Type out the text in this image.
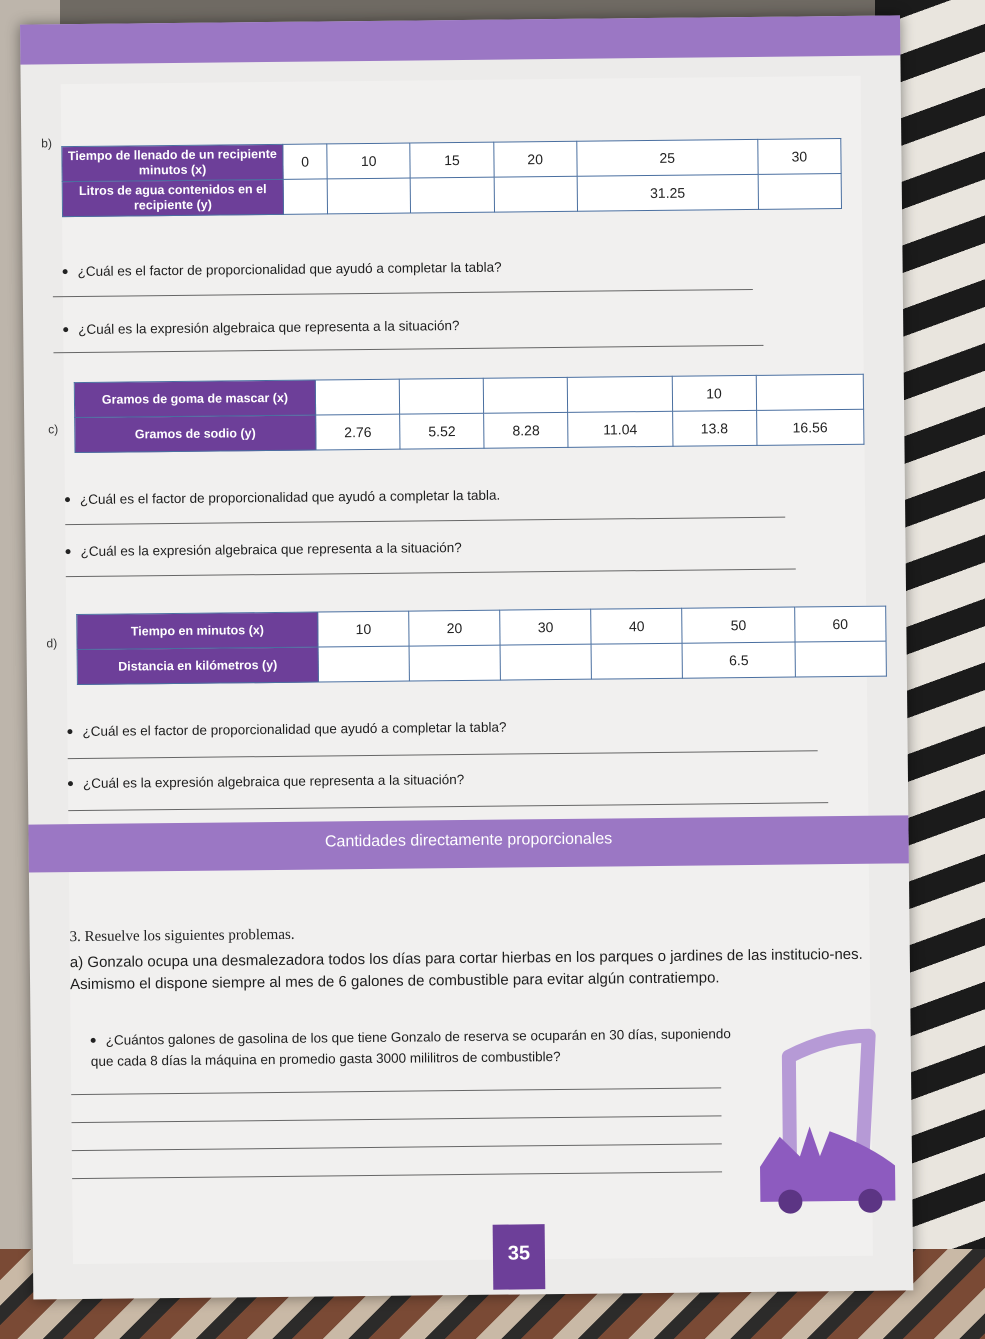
b)
Tiempo de llenado de un recipiente minutos (x)	0	10	15	20	25	30
Litros de agua contenidos en el recipiente (y)					31.25	
¿Cuál es el factor de proporcionalidad que ayudó a completar la tabla?
¿Cuál es la expresión algebraica que representa a la situación?
c)
Gramos de goma de mascar (x)					10	
Gramos de sodio (y)	2.76	5.52	8.28	11.04	13.8	16.56
¿Cuál es el factor de proporcionalidad que ayudó a completar la tabla.
¿Cuál es la expresión algebraica que representa a la situación?
d)
Tiempo en minutos (x)	10	20	30	40	50	60
Distancia en kilómetros (y)					6.5	
¿Cuál es el factor de proporcionalidad que ayudó a completar la tabla?
¿Cuál es la expresión algebraica que representa a la situación?
Cantidades directamente proporcionales
3. Resuelve los siguientes problemas.
a) Gonzalo ocupa una desmalezadora todos los días para cortar hierbas en los parques o jardines de las institucio-nes. Asimismo el dispone siempre al mes de 6 galones de combustible para evitar algún contratiempo.
¿Cuántos galones de gasolina de los que tiene Gonzalo de reserva se ocuparán en 30 días, suponiendo que cada 8 días la máquina en promedio gasta 3000 mililitros de combustible?
35
